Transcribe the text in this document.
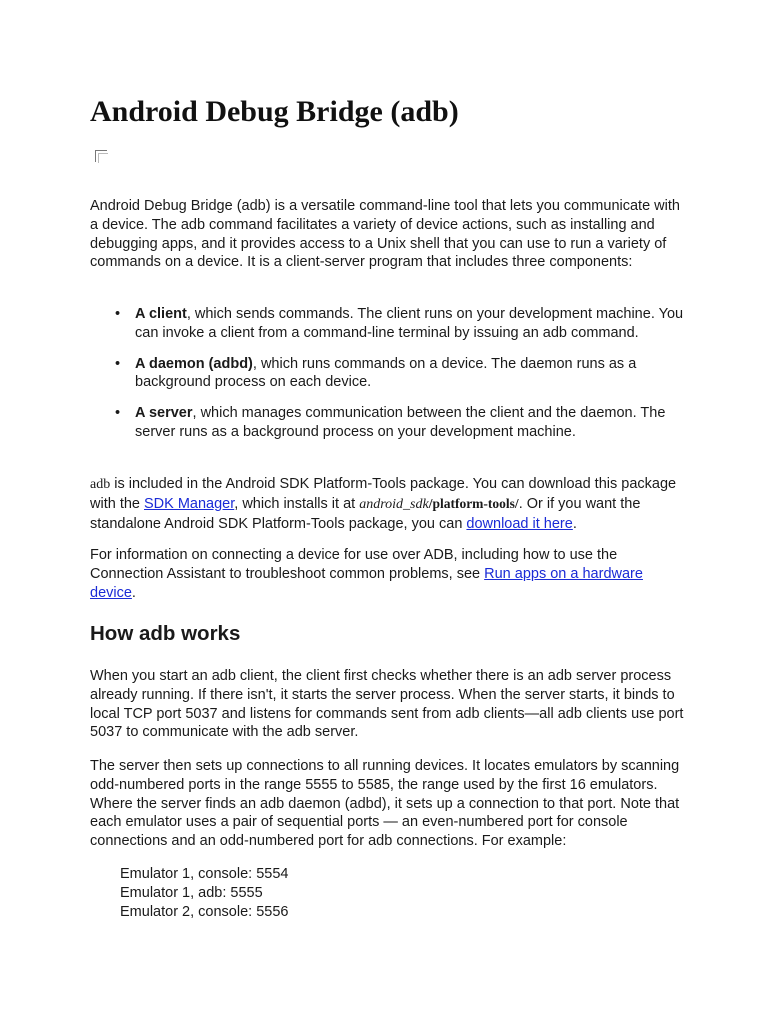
Android Debug Bridge (adb)

Android Debug Bridge (adb) is a versatile command-line tool that lets you communicate with a device. The adb command facilitates a variety of device actions, such as installing and debugging apps, and it provides access to a Unix shell that you can use to run a variety of commands on a device. It is a client-server program that includes three components:

• A client, which sends commands. The client runs on your development machine. You can invoke a client from a command-line terminal by issuing an adb command.
• A daemon (adbd), which runs commands on a device. The daemon runs as a background process on each device.
• A server, which manages communication between the client and the daemon. The server runs as a background process on your development machine.

adb is included in the Android SDK Platform-Tools package. You can download this package with the SDK Manager, which installs it at android_sdk/platform-tools/. Or if you want the standalone Android SDK Platform-Tools package, you can download it here.

For information on connecting a device for use over ADB, including how to use the Connection Assistant to troubleshoot common problems, see Run apps on a hardware device.

How adb works

When you start an adb client, the client first checks whether there is an adb server process already running. If there isn't, it starts the server process. When the server starts, it binds to local TCP port 5037 and listens for commands sent from adb clients—all adb clients use port 5037 to communicate with the adb server.

The server then sets up connections to all running devices. It locates emulators by scanning odd-numbered ports in the range 5555 to 5585, the range used by the first 16 emulators. Where the server finds an adb daemon (adbd), it sets up a connection to that port. Note that each emulator uses a pair of sequential ports — an even-numbered port for console connections and an odd-numbered port for adb connections. For example:

Emulator 1, console: 5554
Emulator 1, adb: 5555
Emulator 2, console: 5556
